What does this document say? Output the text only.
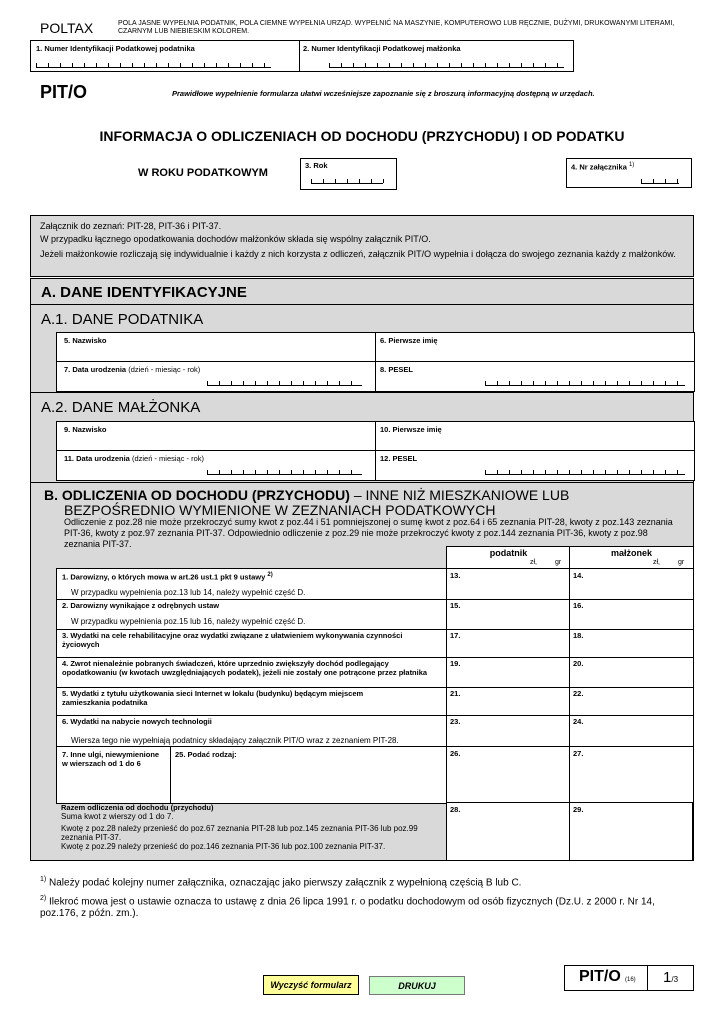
POLTAX	POLA JASNE WYPEŁNIA PODATNIK, POLA CIEMNE WYPEŁNIA URZĄD. WYPEŁNIĆ NA MASZYNIE, KOMPUTEROWO LUB RĘCZNIE, DUŻYMI, DRUKOWANYMI LITERAMI, CZARNYM LUB NIEBIESKIM KOLOREM.
1. Numer Identyfikacji Podatkowej podatnika	2. Numer Identyfikacji Podatkowej małżonka
PIT/O	Prawidłowe wypełnienie formularza ułatwi wcześniejsze zapoznanie się z broszurą informacyjną dostępną w urzędach.
INFORMACJA O ODLICZENIACH OD DOCHODU (PRZYCHODU) I OD PODATKU
W ROKU PODATKOWYM
3. Rok	4. Nr załącznika $^{1)}$
Załącznik do zeznań: PIT-28, PIT-36 i PIT-37.
W przypadku łącznego opodatkowania dochodów małżonków składa się wspólny załącznik PIT/O.
Jeżeli małżonkowie rozliczają się indywidualnie i każdy z nich korzysta z odliczeń, załącznik PIT/O wypełnia i dołącza do swojego zeznania każdy z małżonków.
A. DANE IDENTYFIKACYJNE
A.1. DANE PODATNIKA
5. Nazwisko	6. Pierwsze imię
7. Data urodzenia (dzień - miesiąc - rok)	8. PESEL
A.2. DANE MAŁŻONKA
9. Nazwisko	10. Pierwsze imię
11. Data urodzenia (dzień - miesiąc - rok)	12. PESEL
B. ODLICZENIA OD DOCHODU (PRZYCHODU) – INNE NIŻ MIESZKANIOWE LUB
BEZPOŚREDNIO WYMIENIONE W ZEZNANIACH PODATKOWYCH
Odliczenie z poz.28 nie może przekroczyć sumy kwot z poz.44 i 51 pomniejszonej o sumę kwot z poz.64 i 65 zeznania PIT-28, kwoty z poz.143 zeznania PIT-36, kwoty z poz.97 zeznania PIT-37. Odpowiednio odliczenie z poz.29 nie może przekroczyć kwoty z poz.144 zeznania PIT-36, kwoty z poz.98 zeznania PIT-37.
podatnik
zł,	gr
małżonek
zł,	gr
1. Darowizny, o których mowa w art.26 ust.1 pkt 9 ustawy $^{2)}$
W przypadku wypełnienia poz.13 lub 14, należy wypełnić część D.
13.	14.
2. Darowizny wynikające z odrębnych ustaw
W przypadku wypełnienia poz.15 lub 16, należy wypełnić część D.
15.	16.
3. Wydatki na cele rehabilitacyjne oraz wydatki związane z ułatwieniem wykonywania czynności życiowych
17.	18.
4. Zwrot nienależnie pobranych świadczeń, które uprzednio zwiększyły dochód podlegający opodatkowaniu (w kwotach uwzględniających podatek), jeżeli nie zostały one potrącone przez płatnika
19.	20.
5. Wydatki z tytułu użytkowania sieci Internet w lokalu (budynku) będącym miejscem zamieszkania podatnika
21.	22.
6. Wydatki na nabycie nowych technologii
Wiersza tego nie wypełniają podatnicy składający załącznik PIT/O wraz z zeznaniem PIT-28.
23.	24.
7. Inne ulgi, niewymienione w wierszach od 1 do 6
25. Podać rodzaj:	26.	27.
Razem odliczenia od dochodu (przychodu)
Suma kwot z wierszy od 1 do 7.
Kwotę z poz.28 należy przenieść do poz.67 zeznania PIT-28 lub poz.145 zeznania PIT-36 lub poz.99 zeznania PIT-37.
Kwotę z poz.29 należy przenieść do poz.146 zeznania PIT-36 lub poz.100 zeznania PIT-37.
28.	29.
$^{1)}$ Należy podać kolejny numer załącznika, oznaczając jako pierwszy załącznik z wypełnioną częścią B lub C.
$^{2)}$ Ilekroć mowa jest o ustawie oznacza to ustawę z dnia 26 lipca 1991 r. o podatku dochodowym od osób fizycznych (Dz.U. z 2000 r. Nr 14, poz.176, z późn. zm.).
Wyczyść formularz	DRUKUJ
PIT/O (16) 1/3
